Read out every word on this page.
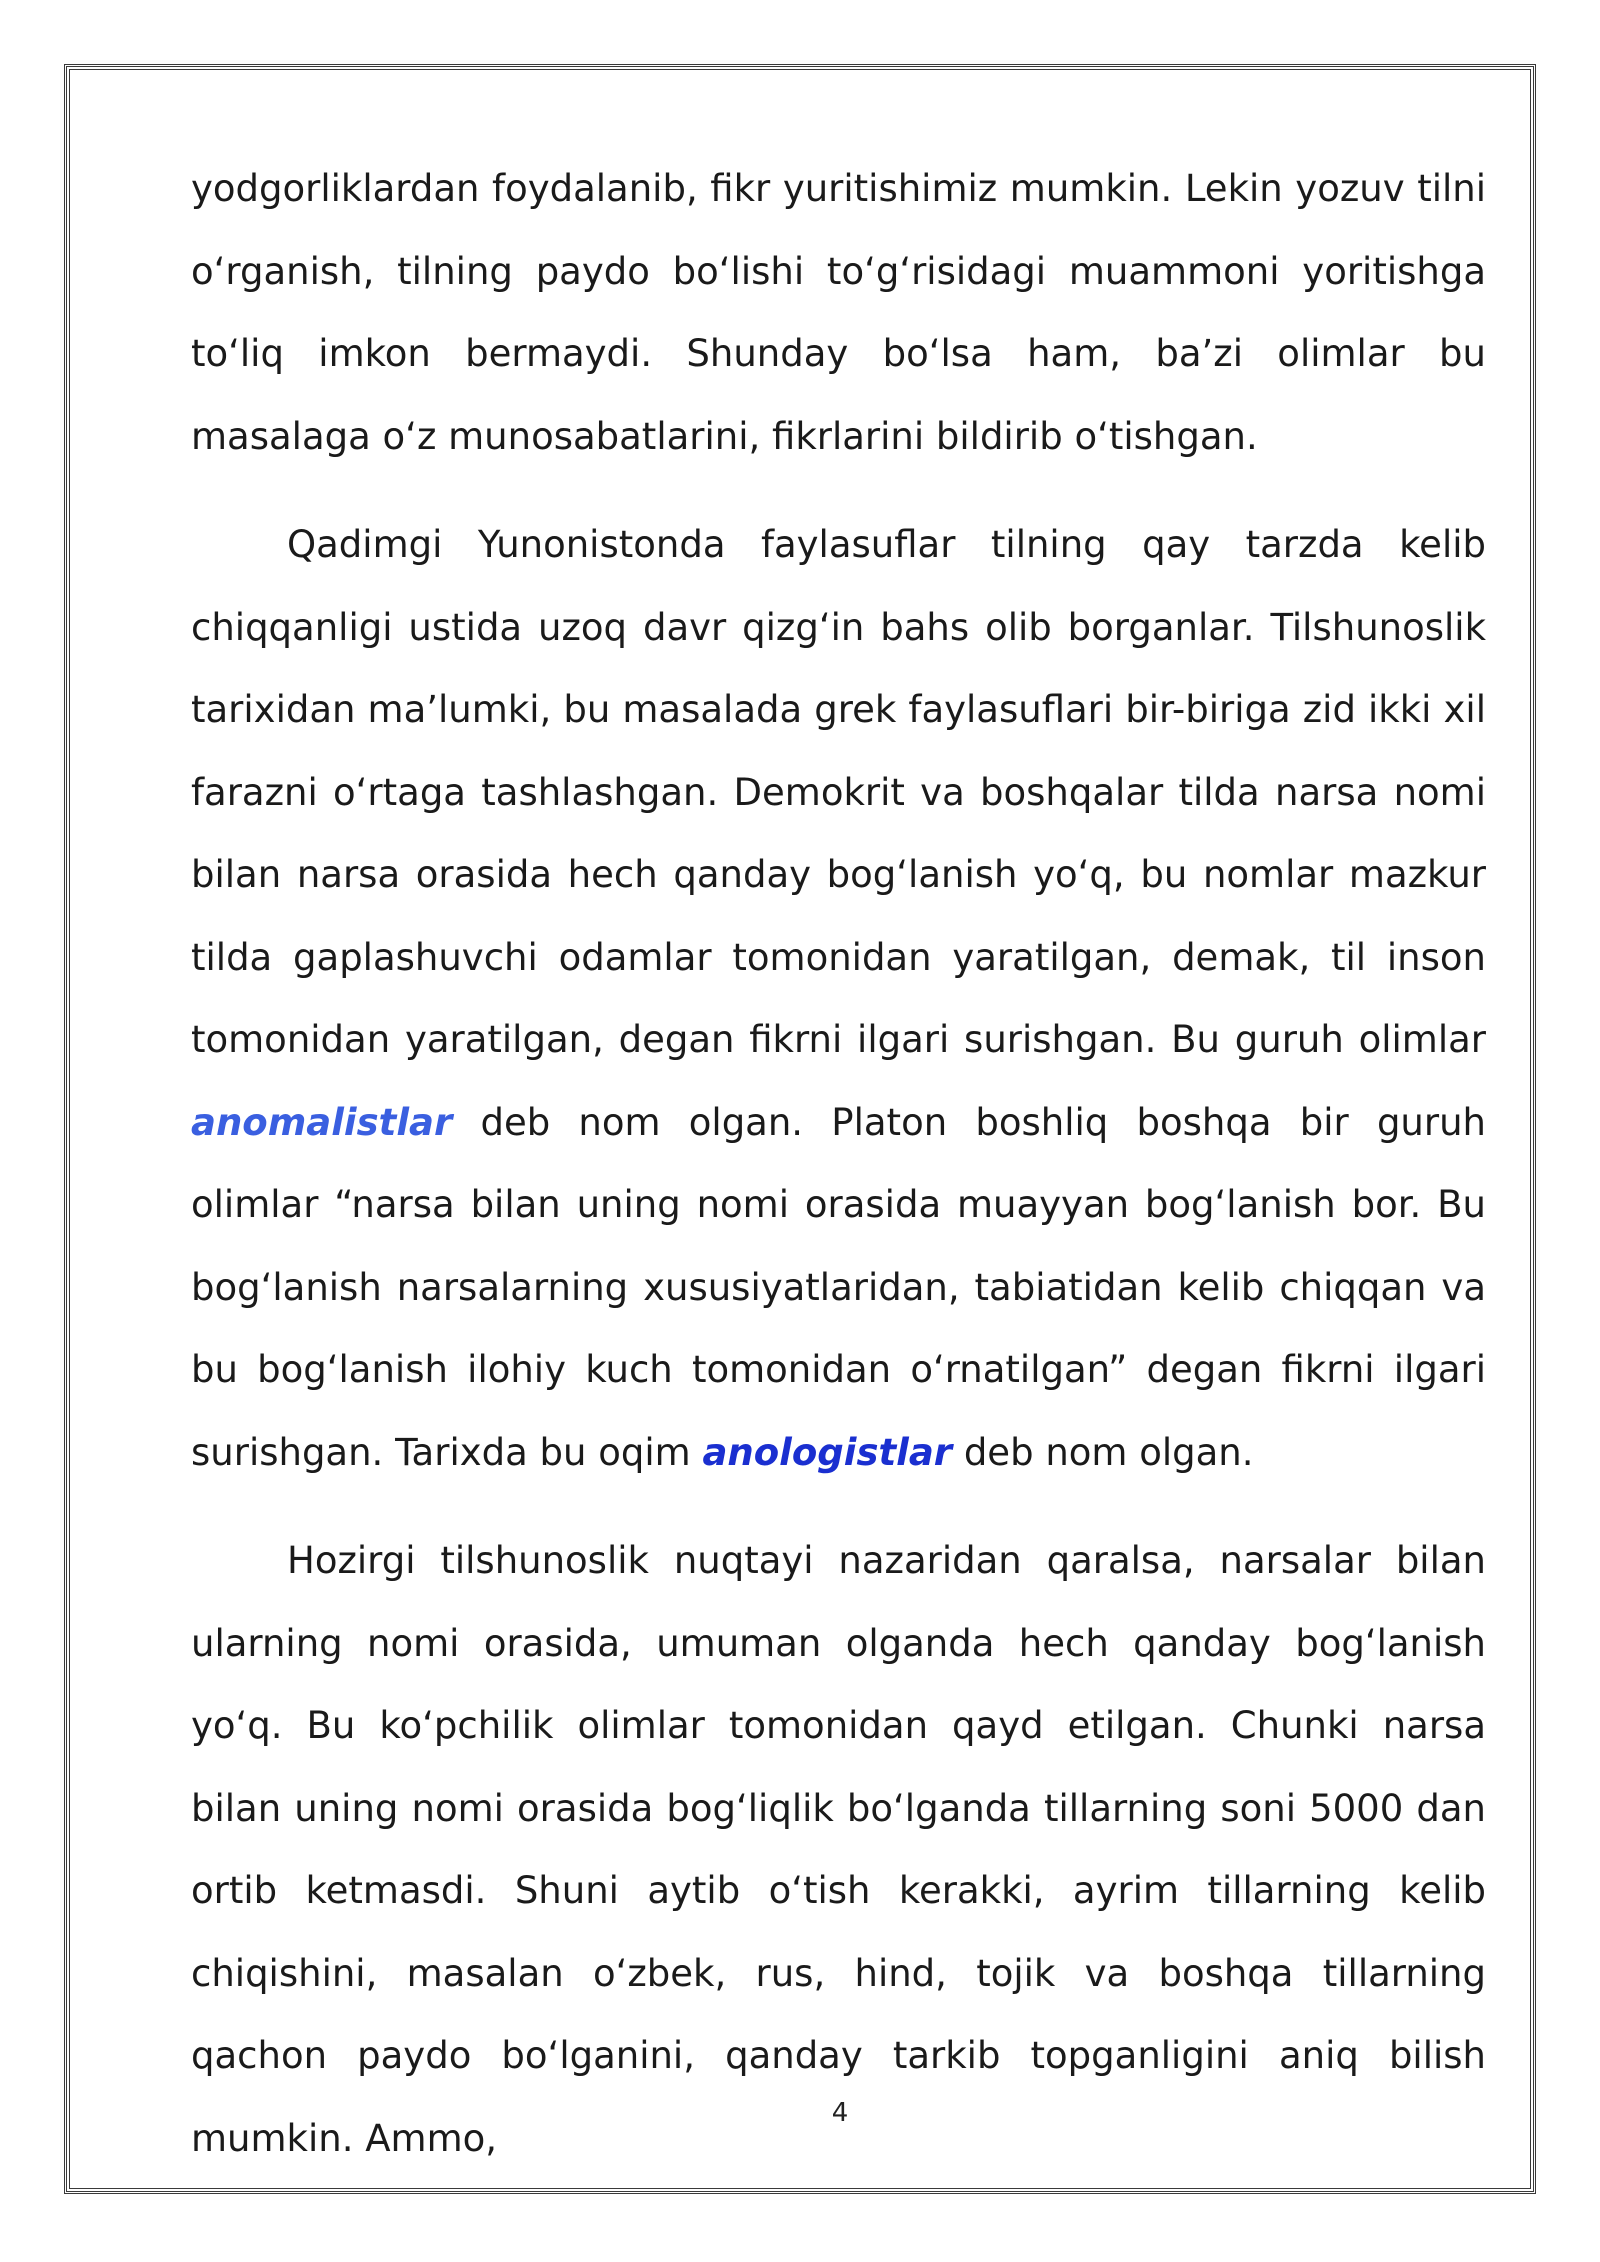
yodgorliklardan foydalanib, fikr yuritishimiz mumkin. Lekin yozuv tilni o‘rganish, tilning paydo bo‘lishi to‘g‘risidagi muammoni yoritishga to‘liq imkon bermaydi. Shunday bo‘lsa ham, ba’zi olimlar bu masalaga o‘z munosabatlarini, fikrlarini bildirib o‘tishgan.

Qadimgi Yunonistonda faylasuflar tilning qay tarzda kelib chiqqanligi ustida uzoq davr qizg‘in bahs olib borganlar. Tilshunoslik tarixidan ma’lumki, bu masalada grek faylasuflari bir-biriga zid ikki xil farazni o‘rtaga tashlashgan. Demokrit va boshqalar tilda narsa nomi bilan narsa orasida hech qanday bog‘lanish yo‘q, bu nomlar mazkur tilda gaplashuvchi odamlar tomonidan yaratilgan, demak, til inson tomonidan yaratilgan, degan fikrni ilgari surishgan. Bu guruh olimlar anomalistlar deb nom olgan. Platon boshliq boshqa bir guruh olimlar “narsa bilan uning nomi orasida muayyan bog‘lanish bor. Bu bog‘lanish narsalarning xususiyatlaridan, tabiatidan kelib chiqqan va bu bog‘lanish ilohiy kuch tomonidan o‘rnatilgan” degan fikrni ilgari surishgan. Tarixda bu oqim anologistlar deb nom olgan.

Hozirgi tilshunoslik nuqtayi nazaridan qaralsa, narsalar bilan ularning nomi orasida, umuman olganda hech qanday bog‘lanish yo‘q. Bu ko‘pchilik olimlar tomonidan qayd etilgan. Chunki narsa bilan uning nomi orasida bog‘liqlik bo‘lganda tillarning soni 5000 dan ortib ketmasdi. Shuni aytib o‘tish kerakki, ayrim tillarning kelib chiqishini, masalan o‘zbek, rus, hind, tojik va boshqa tillarning qachon paydo bo‘lganini, qanday tarkib topganligini aniq bilish mumkin. Ammo,

4
